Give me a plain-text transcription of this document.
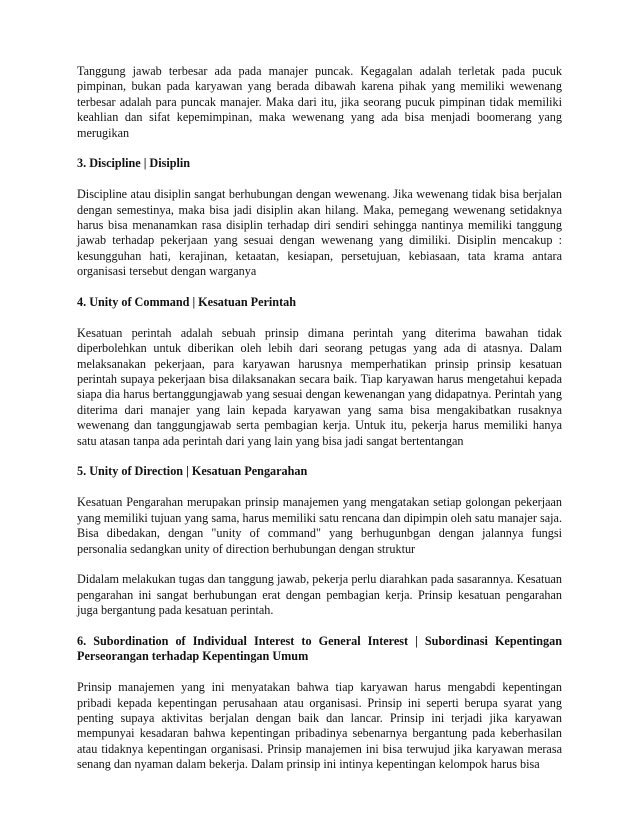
Tanggung jawab terbesar ada pada manajer puncak. Kegagalan adalah terletak pada pucuk pimpinan, bukan pada karyawan yang berada dibawah karena pihak yang memiliki wewenang terbesar adalah para puncak manajer. Maka dari itu, jika seorang pucuk pimpinan tidak memiliki keahlian dan sifat kepemimpinan, maka wewenang yang ada bisa menjadi boomerang yang merugikan

3. Discipline | Disiplin

Discipline atau disiplin sangat berhubungan dengan wewenang. Jika wewenang tidak bisa berjalan dengan semestinya, maka bisa jadi disiplin akan hilang. Maka, pemegang wewenang setidaknya harus bisa menanamkan rasa disiplin terhadap diri sendiri sehingga nantinya memiliki tanggung jawab terhadap pekerjaan yang sesuai dengan wewenang yang dimiliki. Disiplin mencakup : kesungguhan hati, kerajinan, ketaatan, kesiapan, persetujuan, kebiasaan, tata krama antara organisasi tersebut dengan warganya

4. Unity of Command | Kesatuan Perintah

Kesatuan perintah adalah sebuah prinsip dimana perintah yang diterima bawahan tidak diperbolehkan untuk diberikan oleh lebih dari seorang petugas yang ada di atasnya. Dalam melaksanakan pekerjaan, para karyawan harusnya memperhatikan prinsip prinsip kesatuan perintah supaya pekerjaan bisa dilaksanakan secara baik. Tiap karyawan harus mengetahui kepada siapa dia harus bertanggungjawab yang sesuai dengan kewenangan yang didapatnya. Perintah yang diterima dari manajer yang lain kepada karyawan yang sama bisa mengakibatkan rusaknya wewenang dan tanggungjawab serta pembagian kerja. Untuk itu, pekerja harus memiliki hanya satu atasan tanpa ada perintah dari yang lain yang bisa jadi sangat bertentangan

5. Unity of Direction | Kesatuan Pengarahan

Kesatuan Pengarahan merupakan prinsip manajemen yang mengatakan setiap golongan pekerjaan yang memiliki tujuan yang sama, harus memiliki satu rencana dan dipimpin oleh satu manajer saja. Bisa dibedakan, dengan "unity of command" yang berhugunbgan dengan jalannya fungsi personalia sedangkan unity of direction berhubungan dengan struktur

Didalam melakukan tugas dan tanggung jawab, pekerja perlu diarahkan pada sasarannya. Kesatuan pengarahan ini sangat berhubungan erat dengan pembagian kerja. Prinsip kesatuan pengarahan juga bergantung pada kesatuan perintah.

6. Subordination of Individual Interest to General Interest | Subordinasi Kepentingan Perseorangan terhadap Kepentingan Umum

Prinsip manajemen yang ini menyatakan bahwa tiap karyawan harus mengabdi kepentingan pribadi kepada kepentingan perusahaan atau organisasi. Prinsip ini seperti berupa syarat yang penting supaya aktivitas berjalan dengan baik dan lancar. Prinsip ini terjadi jika karyawan mempunyai kesadaran bahwa kepentingan pribadinya sebenarnya bergantung pada keberhasilan atau tidaknya kepentingan organisasi. Prinsip manajemen ini bisa terwujud jika karyawan merasa senang dan nyaman dalam bekerja. Dalam prinsip ini intinya kepentingan kelompok harus bisa
